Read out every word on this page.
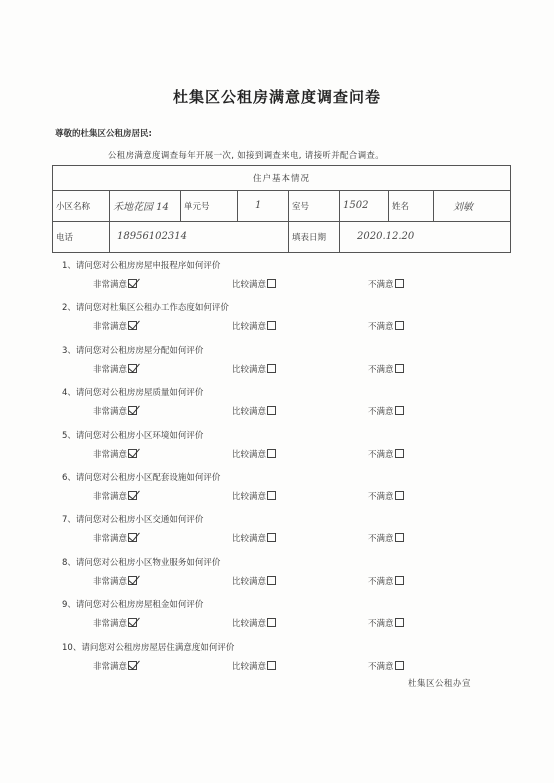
杜集区公租房满意度调查问卷
尊敬的杜集区公租房居民:
公租房满意度调查每年开展一次, 如接到调查来电, 请接听并配合调查。
住户基本情况							
小区名称	禾地花园 14	单元号	1	室号	1502	姓名	刘敏
电话	18956102314			填表日期	2020.12.20		
1、请问您对公租房房屋申报程序如何评价
非常满意	比较满意	不满意
2、请问您对杜集区公租办工作态度如何评价
非常满意	比较满意	不满意
3、请问您对公租房房屋分配如何评价
非常满意	比较满意	不满意
4、请问您对公租房房屋质量如何评价
非常满意	比较满意	不满意
5、请问您对公租房小区环境如何评价
非常满意	比较满意	不满意
6、请问您对公租房小区配套设施如何评价
非常满意	比较满意	不满意
7、请问您对公租房小区交通如何评价
非常满意	比较满意	不满意
8、请问您对公租房小区物业服务如何评价
非常满意	比较满意	不满意
9、请问您对公租房房屋租金如何评价
非常满意	比较满意	不满意
10、请问您对公租房房屋居住满意度如何评价
非常满意	比较满意	不满意
杜集区公租办宣
